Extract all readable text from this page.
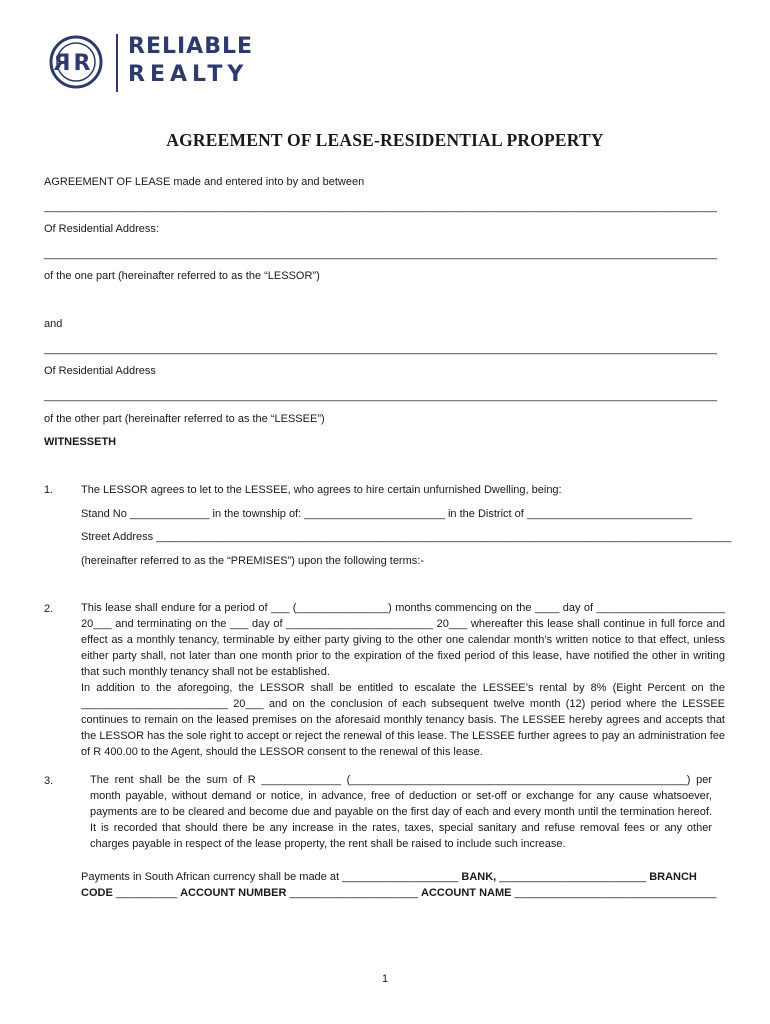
R R
RELIABLE
REALTY
AGREEMENT OF LEASE-RESIDENTIAL PROPERTY
AGREEMENT OF LEASE made and entered into by and between
______________________________________________________________________________________________________________
Of Residential Address:
______________________________________________________________________________________________________________
of the one part (hereinafter referred to as the “LESSOR”)
and
______________________________________________________________________________________________________________
Of Residential Address
______________________________________________________________________________________________________________
of the other part (hereinafter referred to as the “LESSEE”)
WITNESSETH
1.	The LESSOR agrees to let to the LESSEE, who agrees to hire certain unfurnished Dwelling, being:
Stand No _____________ in the township of: _______________________ in the District of ___________________________
Street Address ______________________________________________________________________________________________
(hereinafter referred to as the “PREMISES”) upon the following terms:-
2.	This lease shall endure for a period of ___ (_______________) months commencing on the ____ day of _____________________ 20___ and terminating on the ___ day of ________________________ 20___ whereafter this lease shall continue in full force and effect as a monthly tenancy, terminable by either party giving to the other one calendar month’s written notice to that effect, unless either party shall, not later than one month prior to the expiration of the fixed period of this lease, have notified the other in writing that such monthly tenancy shall not be established.
In addition to the aforegoing, the LESSOR shall be entitled to escalate the LESSEE’s rental by 8% (Eight Percent on the ________________________ 20___ and on the conclusion of each subsequent twelve month (12) period where the LESSEE continues to remain on the leased premises on the aforesaid monthly tenancy basis. The LESSEE hereby agrees and accepts that the LESSOR has the sole right to accept or reject the renewal of this lease. The LESSEE further agrees to pay an administration fee of R 400.00 to the Agent, should the LESSOR consent to the renewal of this lease.
3.	The rent shall be the sum of R _____________ (_______________________________________________________) per month payable, without demand or notice, in advance, free of deduction or set-off or exchange for any cause whatsoever, payments are to be cleared and become due and payable on the first day of each and every month until the termination hereof. It is recorded that should there be any increase in the rates, taxes, special sanitary and refuse removal fees or any other charges payable in respect of the lease property, the rent shall be raised to include such increase.
Payments in South African currency shall be made at ___________________ BANK, ________________________ BRANCH
CODE __________ ACCOUNT NUMBER _____________________ ACCOUNT NAME _________________________________
1
